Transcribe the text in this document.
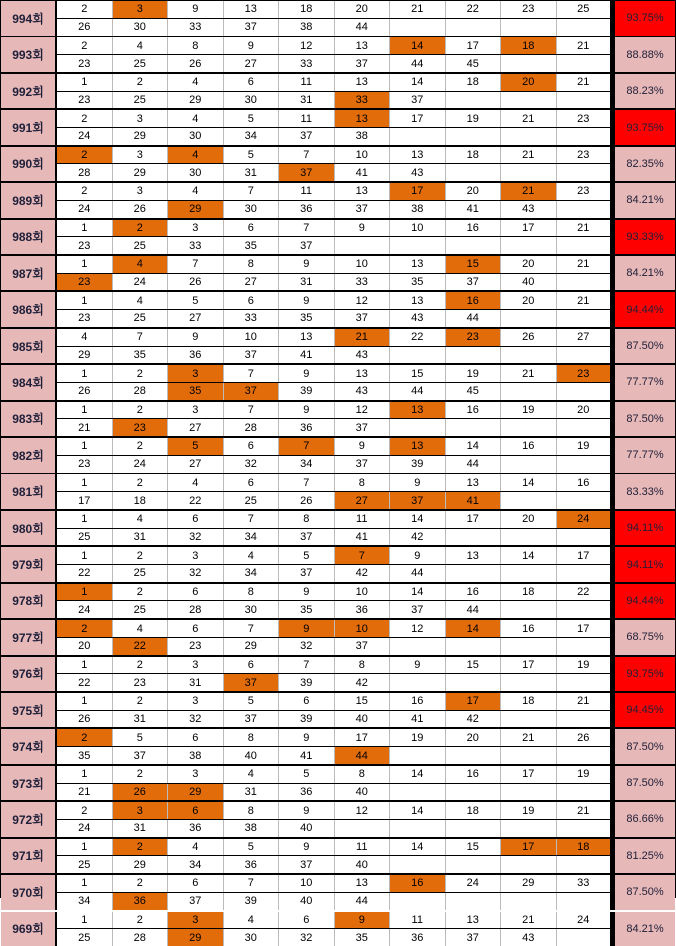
994회
2	3	9	13	18	20	21	22	23	25
26	30	33	37	38	44
93.75%
993회
2	4	8	9	12	13	14	17	18	21
23	25	26	27	33	37	44	45
88.88%
992회
1	2	4	6	11	13	14	18	20	21
23	25	29	30	31	33	37
88.23%
991회
2	3	4	5	11	13	17	19	21	23
24	29	30	34	37	38
93.75%
990회
2	3	4	5	7	10	13	18	21	23
28	29	30	31	37	41	43
82.35%
989회
2	3	4	7	11	13	17	20	21	23
24	26	29	30	36	37	38	41	43
84.21%
988회
1	2	3	6	7	9	10	16	17	21
23	25	33	35	37
93.33%
987회
1	4	7	8	9	10	13	15	20	21
23	24	26	27	31	33	35	37	40
84.21%
986회
1	4	5	6	9	12	13	16	20	21
23	25	27	33	35	37	43	44
94.44%
985회
4	7	9	10	13	21	22	23	26	27
29	35	36	37	41	43
87.50%
984회
1	2	3	7	9	13	15	19	21	23
26	28	35	37	39	43	44	45
77.77%
983회
1	2	3	7	9	12	13	16	19	20
21	23	27	28	36	37
87.50%
982회
1	2	5	6	7	9	13	14	16	19
23	24	27	32	34	37	39	44
77.77%
981회
1	2	4	6	7	8	9	13	14	16
17	18	22	25	26	27	37	41
83.33%
980회
1	4	6	7	8	11	14	17	20	24
25	31	32	34	37	41	42
94.11%
979회
1	2	3	4	5	7	9	13	14	17
22	25	32	34	37	42	44
94.11%
978회
1	2	6	8	9	10	14	16	18	22
24	25	28	30	35	36	37	44
94.44%
977회
2	4	6	7	9	10	12	14	16	17
20	22	23	29	32	37
68.75%
976회
1	2	3	6	7	8	9	15	17	19
22	23	31	37	39	42
93.75%
975회
1	2	3	5	6	15	16	17	18	21
26	31	32	37	39	40	41	42
94.45%
974회
2	5	6	8	9	17	19	20	21	26
35	37	38	40	41	44
87.50%
973회
1	2	3	4	5	8	14	16	17	19
21	26	29	31	36	40
87.50%
972회
2	3	6	8	9	12	14	18	19	21
24	31	36	38	40
86.66%
971회
1	2	4	5	9	11	14	15	17	18
25	29	34	36	37	40
81.25%
970회
1	2	6	7	10	13	16	24	29	33
34	36	37	39	40	44
87.50%
969회
1	2	3	4	6	9	11	13	21	24
25	28	29	30	32	35	36	37	43
84.21%
